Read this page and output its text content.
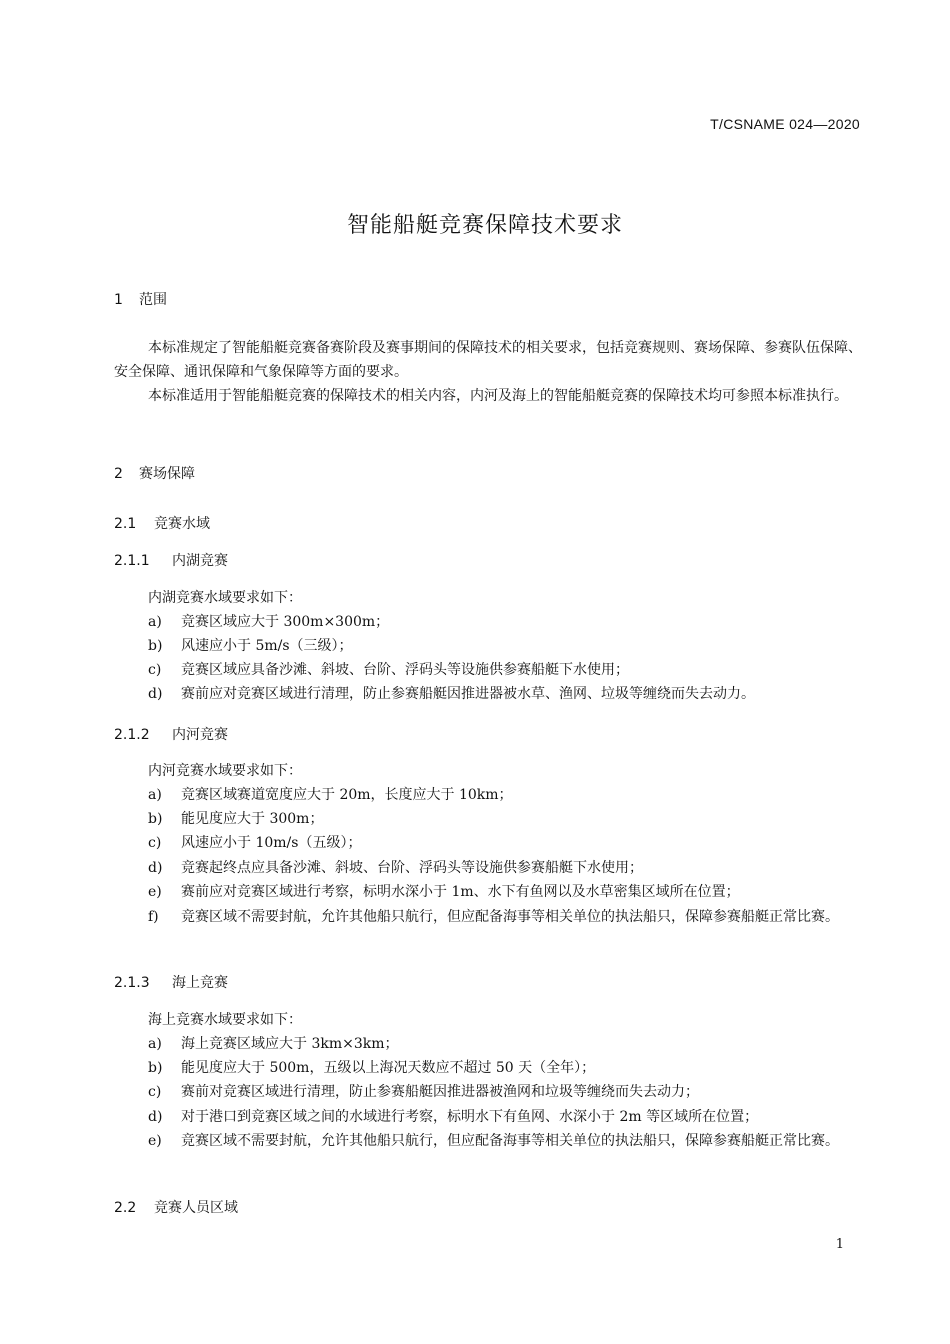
T/CSNAME 024—2020
智能船艇竞赛保障技术要求
1 范围
本标准规定了智能船艇竞赛备赛阶段及赛事期间的保障技术的相关要求，包括竞赛规则、赛场保障、参赛队伍保障、安全保障、通讯保障和气象保障等方面的要求。
本标准适用于智能船艇竞赛的保障技术的相关内容，内河及海上的智能船艇竞赛的保障技术均可参照本标准执行。
2 赛场保障
2.1 竞赛水域
2.1.1 内湖竞赛
内湖竞赛水域要求如下：
a)	竞赛区域应大于 300m×300m；
b)	风速应小于 5m/s（三级）；
c)	竞赛区域应具备沙滩、斜坡、台阶、浮码头等设施供参赛船艇下水使用；
d)	赛前应对竞赛区域进行清理，防止参赛船艇因推进器被水草、渔网、垃圾等缠绕而失去动力。
2.1.2 内河竞赛
内河竞赛水域要求如下：
a)	竞赛区域赛道宽度应大于 20m，长度应大于 10km；
b)	能见度应大于 300m；
c)	风速应小于 10m/s（五级）；
d)	竞赛起终点应具备沙滩、斜坡、台阶、浮码头等设施供参赛船艇下水使用；
e)	赛前应对竞赛区域进行考察，标明水深小于 1m、水下有鱼网以及水草密集区域所在位置；
f)	竞赛区域不需要封航，允许其他船只航行，但应配备海事等相关单位的执法船只，保障参赛船艇正常比赛。
2.1.3 海上竞赛
海上竞赛水域要求如下：
a)	海上竞赛区域应大于 3km×3km；
b)	能见度应大于 500m，五级以上海况天数应不超过 50 天（全年）；
c)	赛前对竞赛区域进行清理，防止参赛船艇因推进器被渔网和垃圾等缠绕而失去动力；
d)	对于港口到竞赛区域之间的水域进行考察，标明水下有鱼网、水深小于 2m 等区域所在位置；
e)	竞赛区域不需要封航，允许其他船只航行，但应配备海事等相关单位的执法船只，保障参赛船艇正常比赛。
2.2 竞赛人员区域
1
